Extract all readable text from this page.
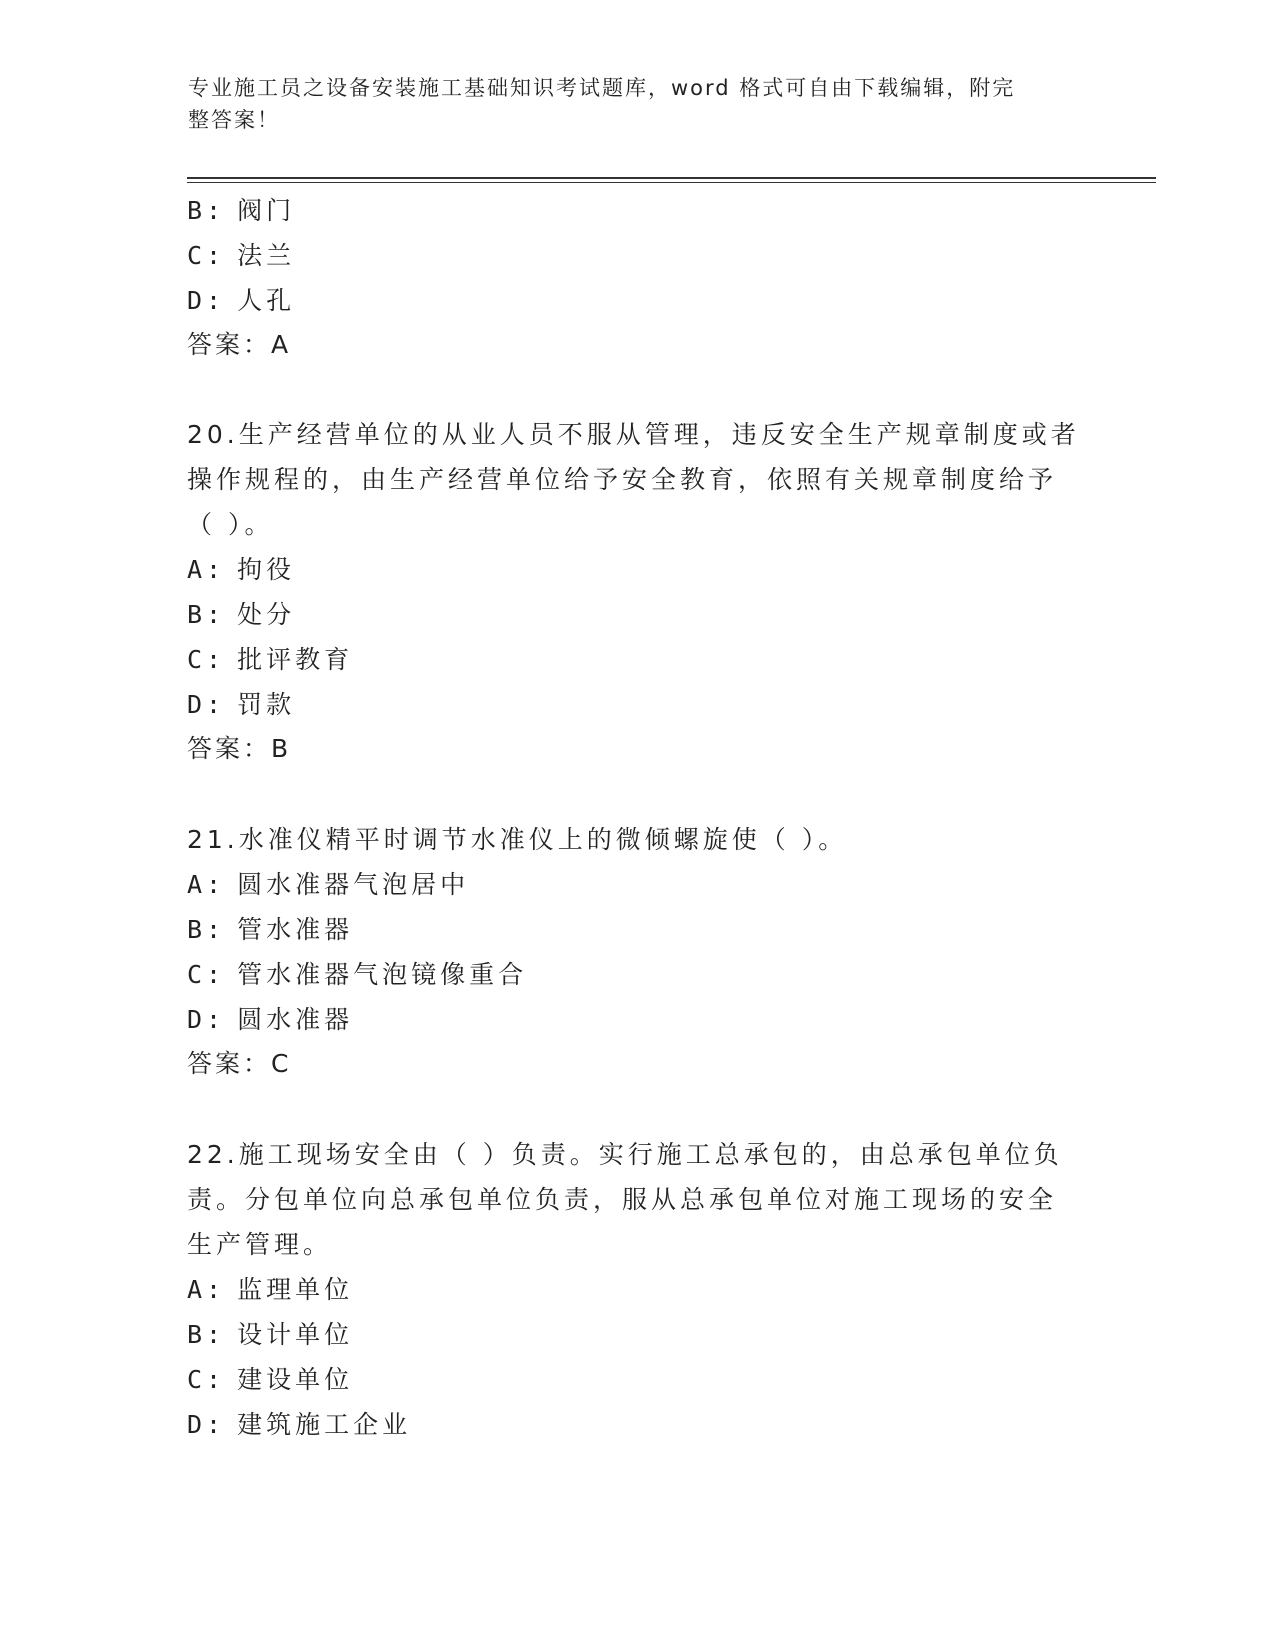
专业施工员之设备安装施工基础知识考试题库，word 格式可自由下载编辑，附完
整答案！
B: 阀门
C: 法兰
D: 人孔
答案：A
20.生产经营单位的从业人员不服从管理，违反安全生产规章制度或者
操作规程的，由生产经营单位给予安全教育，依照有关规章制度给予
（ ）。
A: 拘役
B: 处分
C: 批评教育
D: 罚款
答案：B
21.水准仪精平时调节水准仪上的微倾螺旋使（ ）。
A: 圆水准器气泡居中
B: 管水准器
C: 管水准器气泡镜像重合
D: 圆水准器
答案：C
22.施工现场安全由（ ）负责。实行施工总承包的，由总承包单位负
责。分包单位向总承包单位负责，服从总承包单位对施工现场的安全
生产管理。
A: 监理单位
B: 设计单位
C: 建设单位
D: 建筑施工企业
